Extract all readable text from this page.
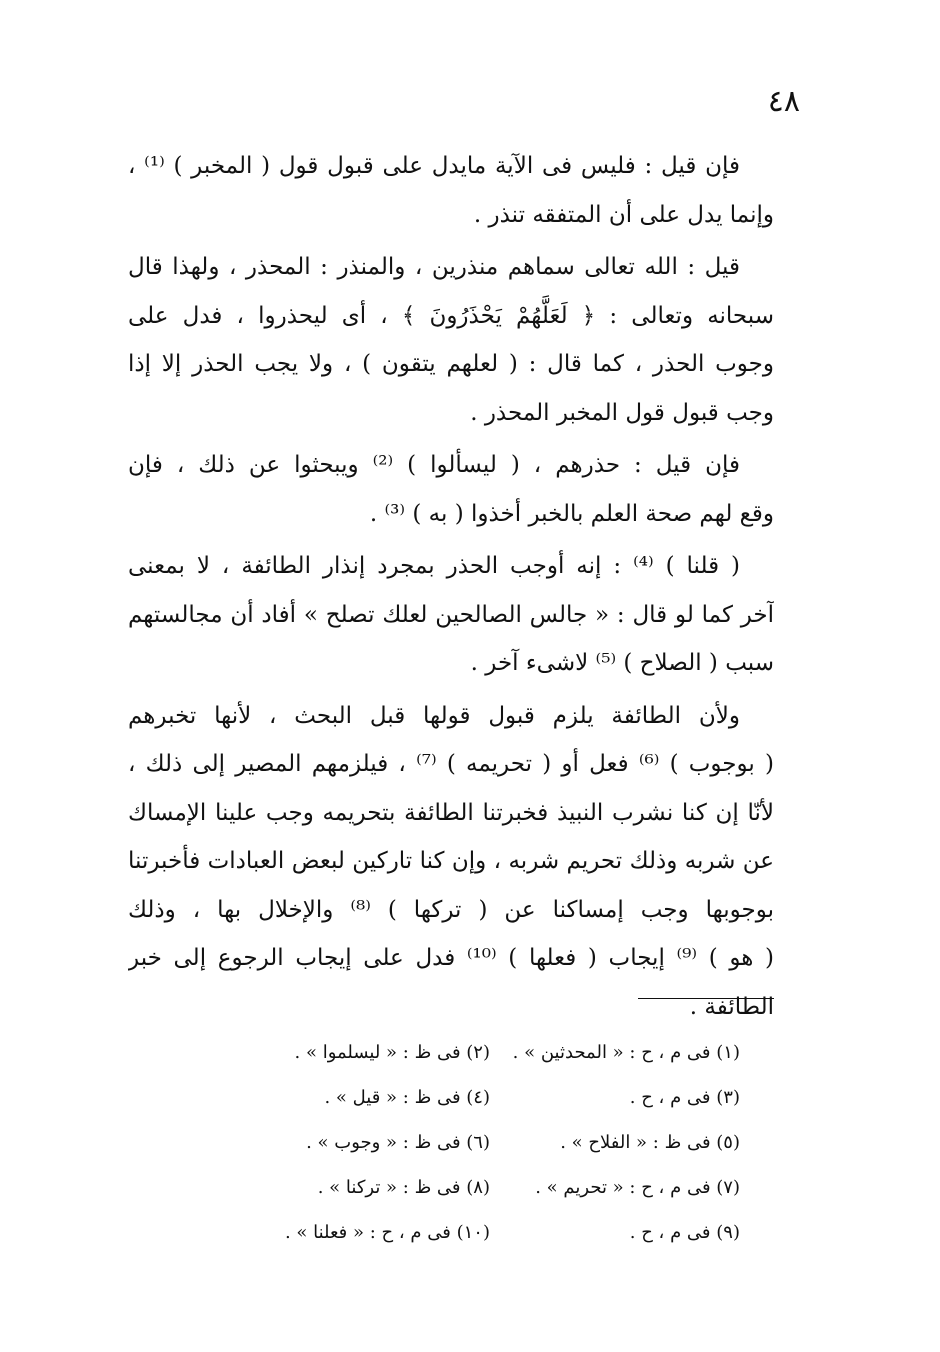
٤٨
فإن قيل : فليس فى الآية مايدل على قبول قول ( المخبر ) ⁽¹⁾ ،
وإنما يدل على أن المتفقه تنذر .
قيل : الله تعالى سماهم منذرين ، والمنذر : المحذر ، ولهذا قال
سبحانه وتعالى : ﴿ لَعَلَّهُمْ يَحْذَرُونَ ﴾ ، أى ليحذروا ، فدل على
وجوب الحذر ، كما قال : ( لعلهم يتقون ) ، ولا يجب الحذر إلا إذا
وجب قبول قول المخبر المحذر .
فإن قيل : حذرهم ، ( ليسألوا ) ⁽²⁾ ويبحثوا عن ذلك ، فإن
وقع لهم صحة العلم بالخبر أخذوا ( به ) ⁽³⁾ .
( قلنا ) ⁽⁴⁾ : إنه أوجب الحذر بمجرد إنذار الطائفة ، لا بمعنى
آخر كما لو قال : « جالس الصالحين لعلك تصلح » أفاد أن مجالستهم
سبب ( الصلاح ) ⁽⁵⁾ لاشىء آخر .
ولأن الطائفة يلزم قبول قولها قبل البحث ، لأنها تخبرهم
( بوجوب ) ⁽⁶⁾ فعل أو ( تحريمه ) ⁽⁷⁾ ، فيلزمهم المصير إلى ذلك ،
لأنّا إن كنا نشرب النبيذ فخبرتنا الطائفة بتحريمه وجب علينا الإمساك
عن شربه وذلك تحريم شربه ، وإن كنا تاركين لبعض العبادات فأخبرتنا
بوجوبها وجب إمساكنا عن ( تركها ) ⁽⁸⁾ والإخلال بها ، وذلك
( هو ) ⁽⁹⁾ إيجاب ( فعلها ) ⁽¹⁰⁾ فدل على إيجاب الرجوع إلى خبر
الطائفة .
(١) فى م ، ح : « المحدثين » .
(٢) فى ظ : « ليسلموا » .
(٣) فى م ، ح .
(٤) فى ظ : « قيل » .
(٥) فى ظ : « الفلاح » .
(٦) فى ظ : « وجوب » .
(٧) فى م ، ح : « تحريم » .
(٨) فى ظ : « تركنا » .
(٩) فى م ، ح .
(١٠) فى م ، ح : « فعلنا » .
